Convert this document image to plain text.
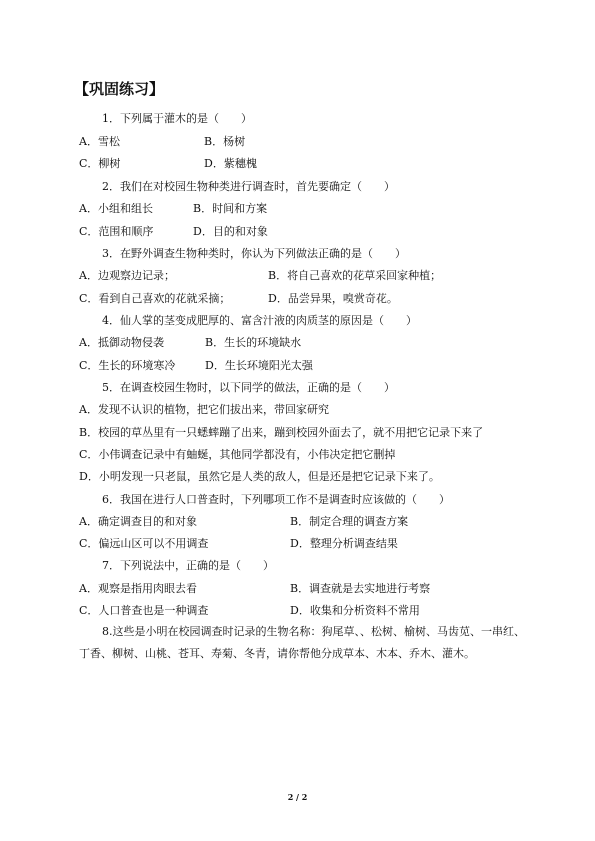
【巩固练习】
1．下列属于灌木的是（　　）
A．雪松	B．杨树
C．柳树	D．紫穗槐
2．我们在对校园生物种类进行调查时，首先要确定（　　）
A．小组和组长	B．时间和方案
C．范围和顺序	D．目的和对象
3．在野外调查生物种类时，你认为下列做法正确的是（　　）
A．边观察边记录；	B．将自己喜欢的花草采回家种植；
C．看到自己喜欢的花就采摘；	D．品尝异果，嗅赏奇花。
4．仙人掌的茎变成肥厚的、富含汁液的肉质茎的原因是（　　）
A．抵御动物侵袭	B．生长的环境缺水
C．生长的环境寒冷	D．生长环境阳光太强
5．在调查校园生物时，以下同学的做法，正确的是（　　）
A．发现不认识的植物，把它们拔出来，带回家研究
B．校园的草丛里有一只蟋蟀蹦了出来，蹦到校园外面去了，就不用把它记录下来了
C．小伟调查记录中有蚰蜒，其他同学都没有，小伟决定把它删掉
D．小明发现一只老鼠，虽然它是人类的敌人，但是还是把它记录下来了。
6．我国在进行人口普查时，下列哪项工作不是调查时应该做的（　　）
A．确定调查目的和对象	B．制定合理的调查方案
C．偏远山区可以不用调查	D．整理分析调查结果
7．下列说法中，正确的是（　　）
A．观察是指用肉眼去看	B．调查就是去实地进行考察
C．人口普查也是一种调查	D．收集和分析资料不常用
8.这些是小明在校园调查时记录的生物名称：狗尾草、、松树、榆树、马齿苋、一串红、丁香、柳树、山桃、苍耳、寿菊、冬青，请你帮他分成草本、木本、乔木、灌木。
2 / 2
